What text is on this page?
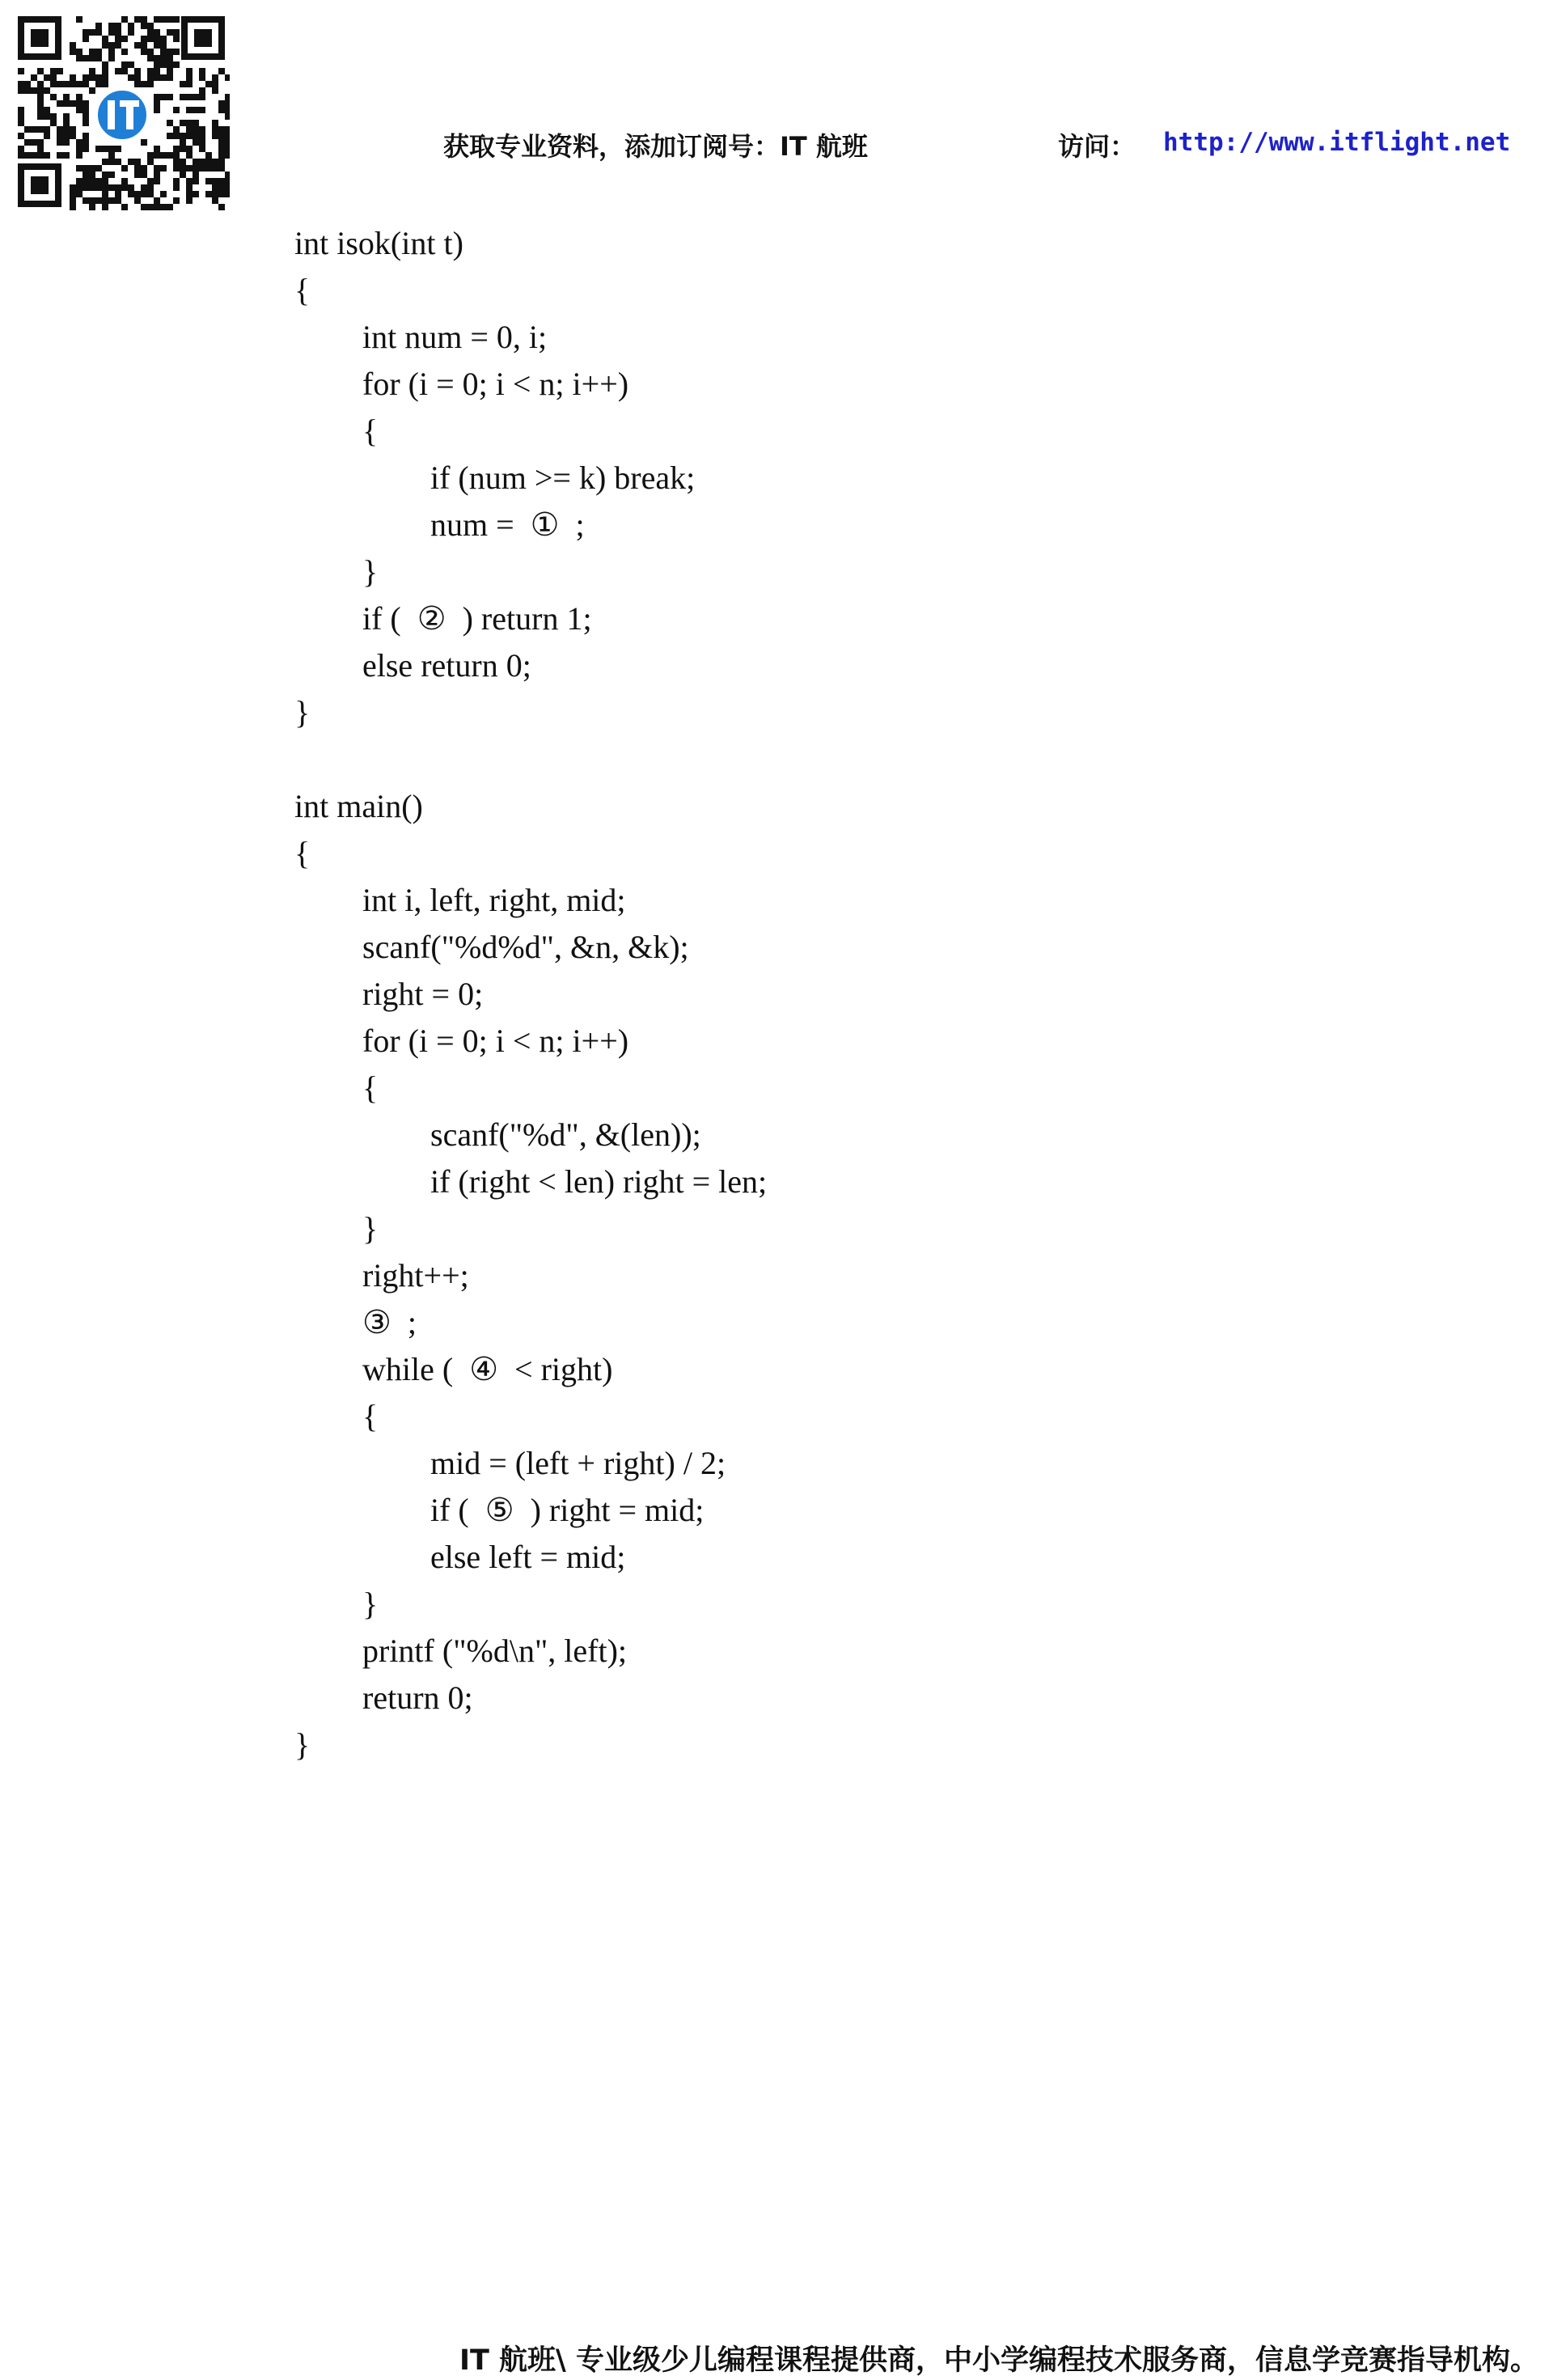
获取专业资料，添加订阅号：IT 航班	访问： http://www.itflight.net
int isok(int t)
{
int num = 0, i;
for (i = 0; i < n; i++)
{
if (num >= k) break;
num =  ①  ;
}
if (  ②  ) return 1;
else return 0;
}
int main()
{
int i, left, right, mid;
scanf("%d%d", &n, &k);
right = 0;
for (i = 0; i < n; i++)
{
scanf("%d", &(len));
if (right < len) right = len;
}
right++;
③  ;
while (  ④  < right)
{
mid = (left + right) / 2;
if (  ⑤  ) right = mid;
else left = mid;
}
printf ("%d\n", left);
return 0;
}
IT 航班\ 专业级少儿编程课程提供商，中小学编程技术服务商，信息学竞赛指导机构。
